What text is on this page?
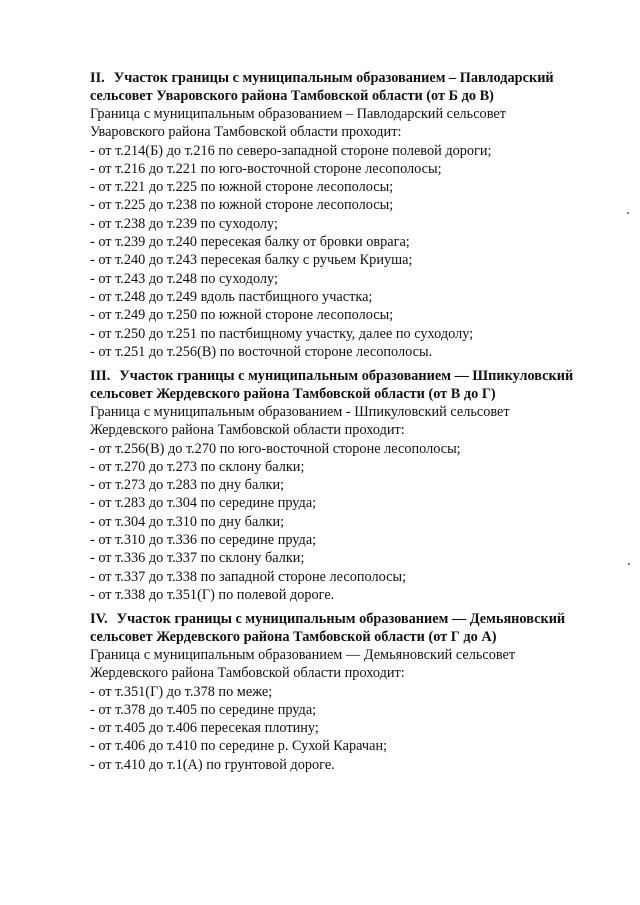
II. Участок границы с муниципальным образованием – Павлодарский

сельсовет Уваровского района Тамбовской области (от Б до В)

Граница с муниципальным образованием – Павлодарский сельсовет

Уваровского района Тамбовской области проходит:

- от т.214(Б) до т.216 по северо-западной стороне полевой дороги;

- от т.216 до т.221 по юго-восточной стороне лесополосы;

- от т.221 до т.225 по южной стороне лесополосы;

- от т.225 до т.238 по южной стороне лесополосы;

- от т.238 до т.239 по суходолу;

- от т.239 до т.240 пересекая балку от бровки оврага;

- от т.240 до т.243 пересекая балку с ручьем Криуша;

- от т.243 до т.248 по суходолу;

- от т.248 до т.249 вдоль пастбищного участка;

- от т.249 до т.250 по южной стороне лесополосы;

- от т.250 до т.251 по пастбищному участку, далее по суходолу;

- от т.251 до т.256(В) по восточной стороне лесополосы.

III. Участок границы с муниципальным образованием — Шпикуловский

сельсовет Жердевского района Тамбовской области (от В до Г)

Граница с муниципальным образованием - Шпикуловский сельсовет

Жердевского района Тамбовской области проходит:

- от т.256(В) до т.270 по юго-восточной стороне лесополосы;

- от т.270 до т.273 по склону балки;

- от т.273 до т.283 по дну балки;

- от т.283 до т.304 по середине пруда;

- от т.304 до т.310 по дну балки;

- от т.310 до т.336 по середине пруда;

- от т.336 до т.337 по склону балки;

- от т.337 до т.338 по западной стороне лесополосы;

- от т.338 до т.351(Г) по полевой дороге.

IV. Участок границы с муниципальным образованием — Демьяновский

сельсовет Жердевского района Тамбовской области (от Г до А)

Граница с муниципальным образованием — Демьяновский сельсовет

Жердевского района Тамбовской области проходит:

- от т.351(Г) до т.378 по меже;

- от т.378 до т.405 по середине пруда;

- от т.405 до т.406 пересекая плотину;

- от т.406 до т.410 по середине р. Сухой Карачан;

- от т.410 до т.1(А) по грунтовой дороге.
